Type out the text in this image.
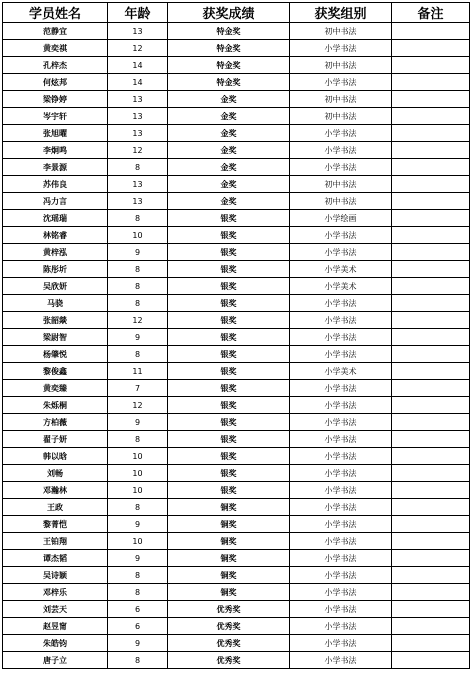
学员姓名	年龄	获奖成绩	获奖组别	备注
范静宜	13	特金奖	初中书法	
黄奕祺	12	特金奖	小学书法	
孔梓杰	14	特金奖	初中书法	
何炫邦	14	特金奖	小学书法	
梁铮婷	13	金奖	初中书法	
岑宇轩	13	金奖	初中书法	
张旭曜	13	金奖	小学书法	
李炯鸣	12	金奖	小学书法	
李景源	8	金奖	小学书法	
苏伟良	13	金奖	初中书法	
冯力言	13	金奖	初中书法	
沈瑶瑞	8	银奖	小学绘画	
林铭睿	10	银奖	小学书法	
黄梓泓	9	银奖	小学书法	
陈彤圻	8	银奖	小学美术	
吴欣妍	8	银奖	小学美术	
马骁	8	银奖	小学书法	
张韶燚	12	银奖	小学书法	
梁尉智	9	银奖	小学书法	
杨肇悦	8	银奖	小学书法	
黎俊鑫	11	银奖	小学美术	
黄奕臻	7	银奖	小学书法	
朱烁桐	12	银奖	小学书法	
方柏薇	9	银奖	小学书法	
翟子妍	8	银奖	小学书法	
韩以晗	10	银奖	小学书法	
刘畅	10	银奖	小学书法	
邓瀚林	10	银奖	小学书法	
王政	8	铜奖	小学书法	
黎菁恺	9	铜奖	小学书法	
王铂翔	10	铜奖	小学书法	
谭杰韬	9	铜奖	小学书法	
吴诗颖	8	铜奖	小学书法	
邓梓乐	8	铜奖	小学书法	
刘芸天	6	优秀奖	小学书法	
赵昱甯	6	优秀奖	小学书法	
朱皓钧	9	优秀奖	小学书法	
唐子立	8	优秀奖	小学书法	
